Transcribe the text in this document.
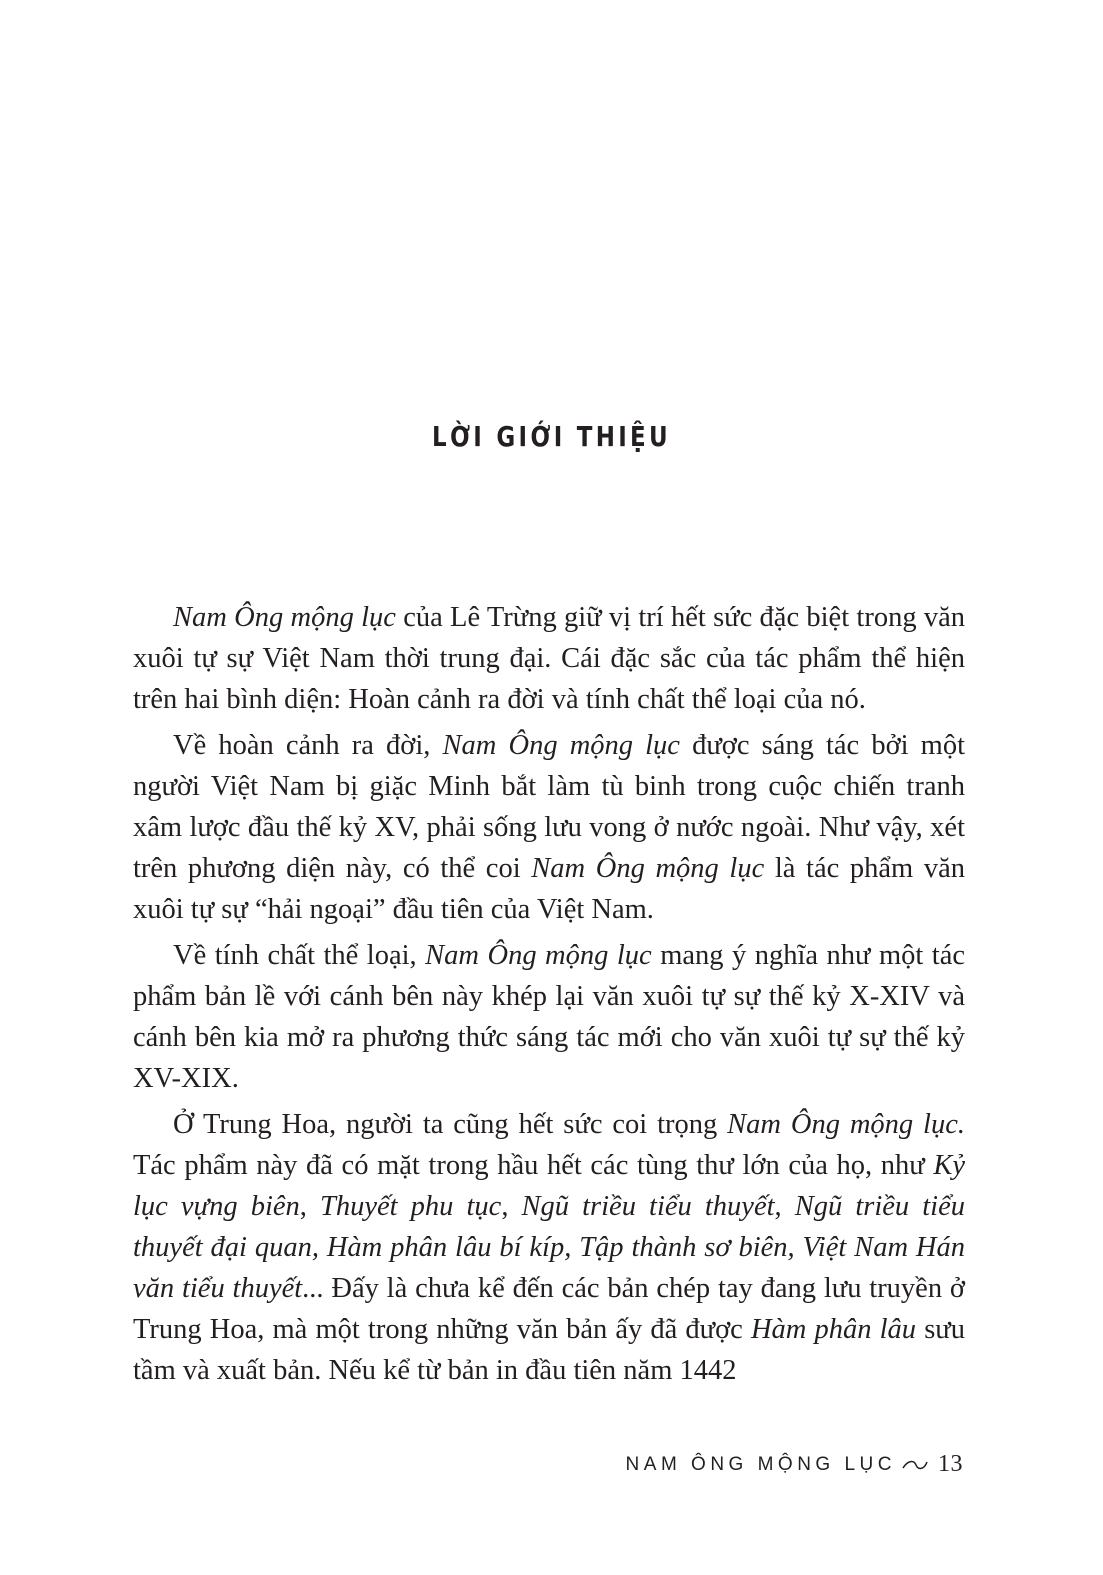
LỜI GIỚI THIỆU

Nam Ông mộng lục của Lê Trừng giữ vị trí hết sức đặc biệt trong văn xuôi tự sự Việt Nam thời trung đại. Cái đặc sắc của tác phẩm thể hiện trên hai bình diện: Hoàn cảnh ra đời và tính chất thể loại của nó.

Về hoàn cảnh ra đời, Nam Ông mộng lục được sáng tác bởi một người Việt Nam bị giặc Minh bắt làm tù binh trong cuộc chiến tranh xâm lược đầu thế kỷ XV, phải sống lưu vong ở nước ngoài. Như vậy, xét trên phương diện này, có thể coi Nam Ông mộng lục là tác phẩm văn xuôi tự sự “hải ngoại” đầu tiên của Việt Nam.

Về tính chất thể loại, Nam Ông mộng lục mang ý nghĩa như một tác phẩm bản lề với cánh bên này khép lại văn xuôi tự sự thế kỷ X-XIV và cánh bên kia mở ra phương thức sáng tác mới cho văn xuôi tự sự thế kỷ XV-XIX.

Ở Trung Hoa, người ta cũng hết sức coi trọng Nam Ông mộng lục. Tác phẩm này đã có mặt trong hầu hết các tùng thư lớn của họ, như Kỷ lục vựng biên, Thuyết phu tục, Ngũ triều tiểu thuyết, Ngũ triều tiểu thuyết đại quan, Hàm phân lâu bí kíp, Tập thành sơ biên, Việt Nam Hán văn tiểu thuyết... Đấy là chưa kể đến các bản chép tay đang lưu truyền ở Trung Hoa, mà một trong những văn bản ấy đã được Hàm phân lâu sưu tầm và xuất bản. Nếu kể từ bản in đầu tiên năm 1442

NAM ÔNG MỘNG LỤC 13
